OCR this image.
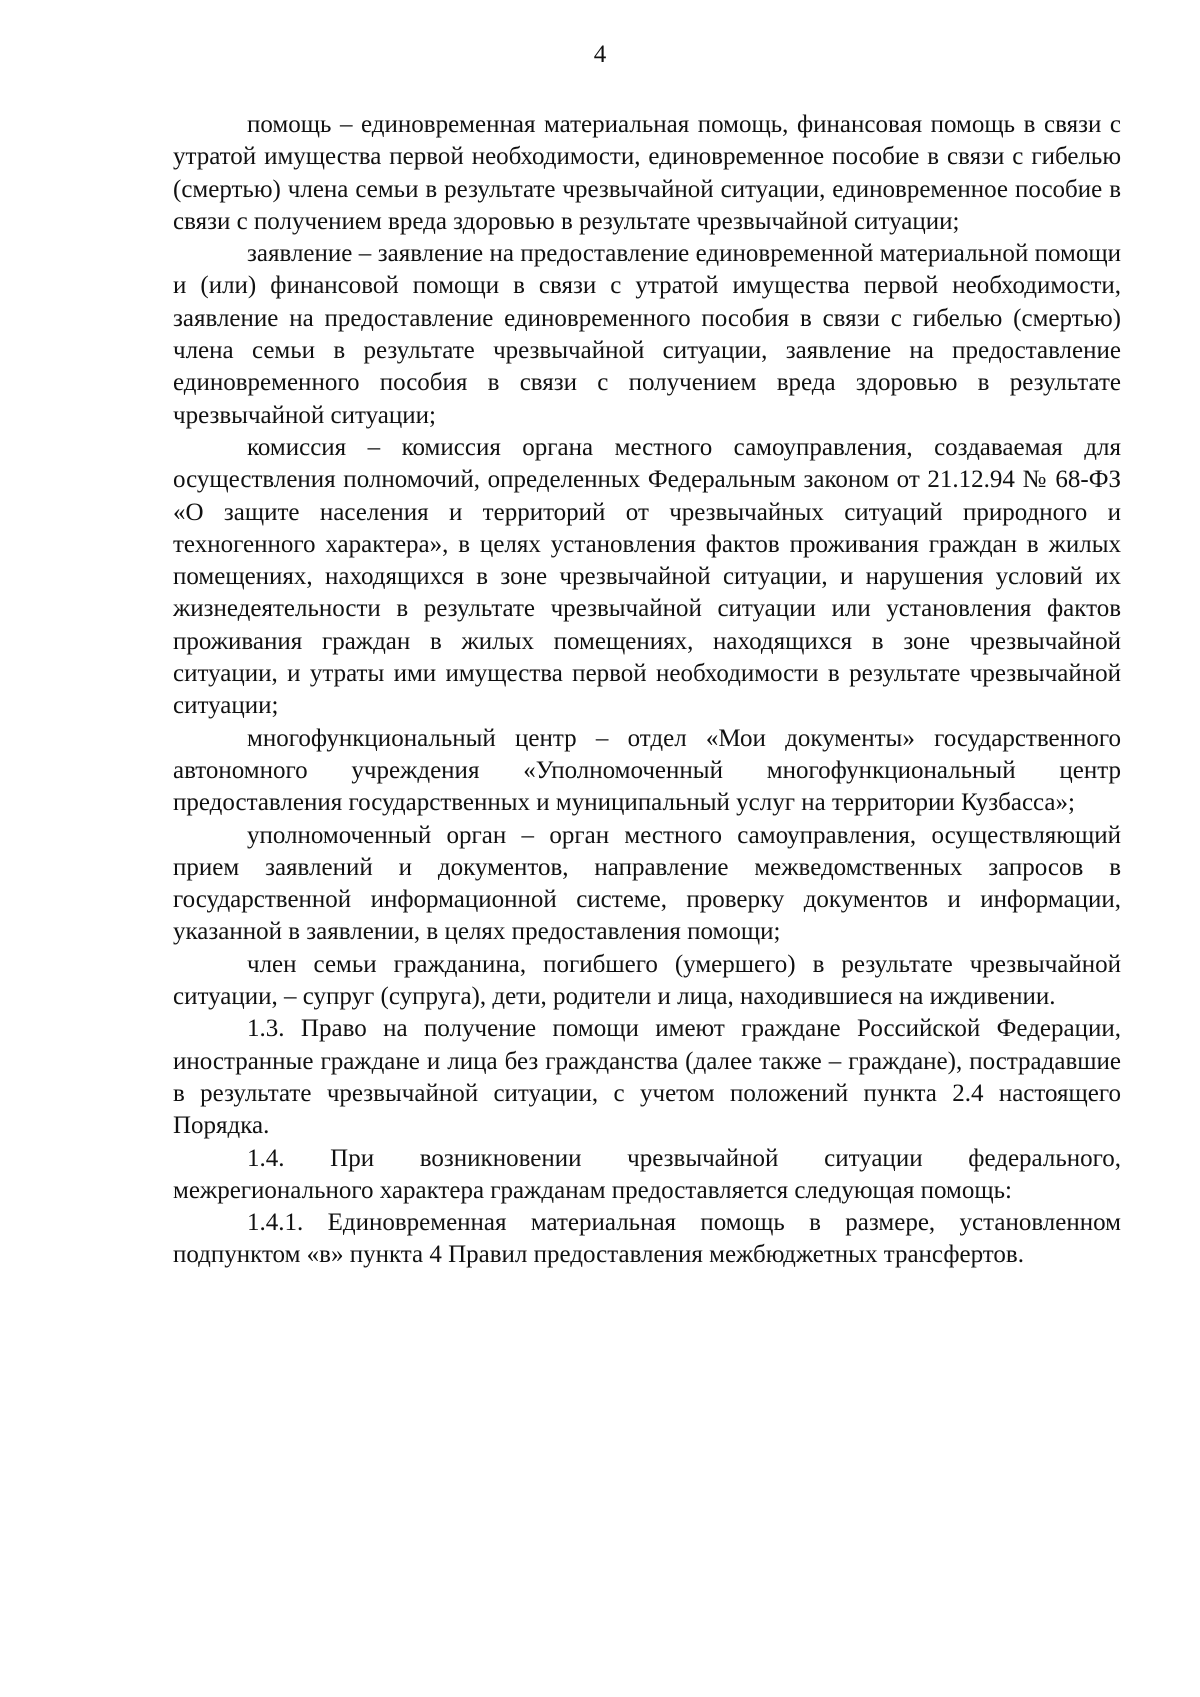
4

помощь – единовременная материальная помощь, финансовая помощь в связи с утратой имущества первой необходимости, единовременное пособие в связи с гибелью (смертью) члена семьи в результате чрезвычайной ситуации, единовременное пособие в связи с получением вреда здоровью в результате чрезвычайной ситуации;

заявление – заявление на предоставление единовременной материальной помощи и (или) финансовой помощи в связи с утратой имущества первой необходимости, заявление на предоставление единовременного пособия в связи с гибелью (смертью) члена семьи в результате чрезвычайной ситуации, заявление на предоставление единовременного пособия в связи с получением вреда здоровью в результате чрезвычайной ситуации;

комиссия – комиссия органа местного самоуправления, создаваемая для осуществления полномочий, определенных Федеральным законом от 21.12.94 № 68-ФЗ «О защите населения и территорий от чрезвычайных ситуаций природного и техногенного характера», в целях установления фактов проживания граждан в жилых помещениях, находящихся в зоне чрезвычайной ситуации, и нарушения условий их жизнедеятельности в результате чрезвычайной ситуации или установления фактов проживания граждан в жилых помещениях, находящихся в зоне чрезвычайной ситуации, и утраты ими имущества первой необходимости в результате чрезвычайной ситуации;

многофункциональный центр – отдел «Мои документы» государственного автономного учреждения «Уполномоченный многофункциональный центр предоставления государственных и муниципальный услуг на территории Кузбасса»;

уполномоченный орган – орган местного самоуправления, осуществляющий прием заявлений и документов, направление межведомственных запросов в государственной информационной системе, проверку документов и информации, указанной в заявлении, в целях предоставления помощи;

член семьи гражданина, погибшего (умершего) в результате чрезвычайной ситуации, – супруг (супруга), дети, родители и лица, находившиеся на иждивении.

1.3. Право на получение помощи имеют граждане Российской Федерации, иностранные граждане и лица без гражданства (далее также – граждане), пострадавшие в результате чрезвычайной ситуации, с учетом положений пункта 2.4 настоящего Порядка.

1.4. При возникновении чрезвычайной ситуации федерального, межрегионального характера гражданам предоставляется следующая помощь:

1.4.1. Единовременная материальная помощь в размере, установленном подпунктом «в» пункта 4 Правил предоставления межбюджетных трансфертов.
